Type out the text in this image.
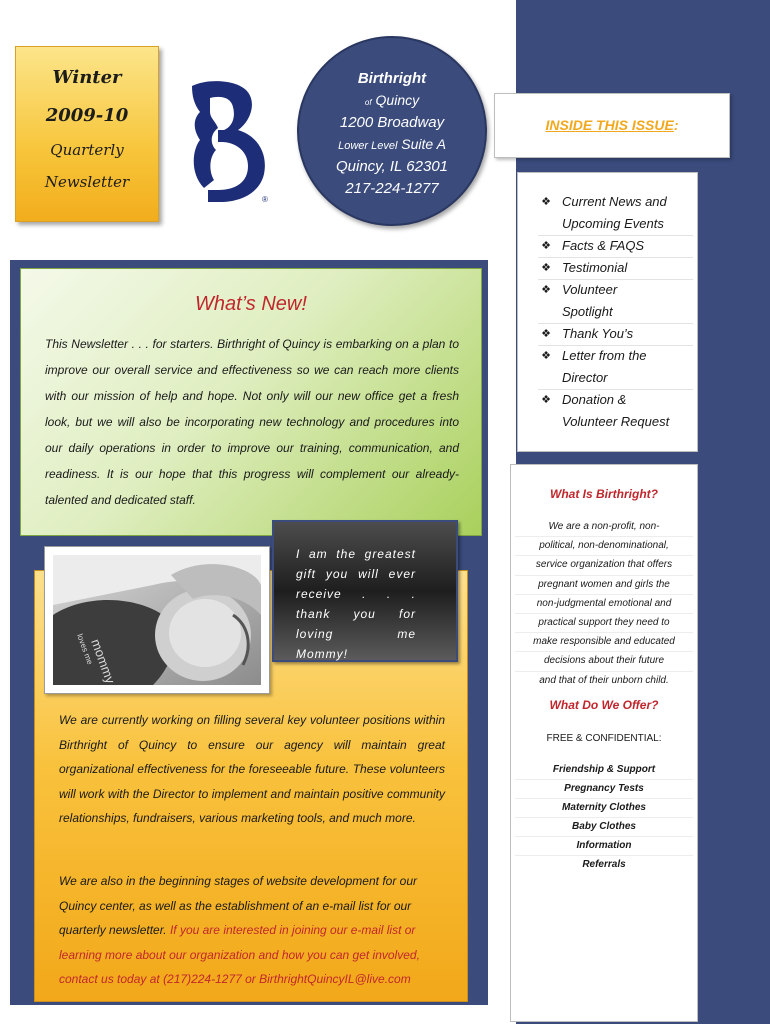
Winter
2009-10
Quarterly
Newsletter
®
Birthright
of Quincy
1200 Broadway
Lower Level Suite A
Quincy, IL 62301
217-224-1277
What’s New!
This Newsletter . . . for starters. Birthright of Quincy is embarking on a plan to improve our overall service and effectiveness so we can reach more clients with our mission of help and hope. Not only will our new office get a fresh look, but we will also be incorporating new technology and procedures into our daily operations in order to improve our training, communication, and readiness. It is our hope that this progress will complement our already-talented and dedicated staff.
We are currently working on filling several key volunteer positions within Birthright of Quincy to ensure our agency will maintain great organizational effectiveness for the foreseeable future. These volunteers will work with the Director to implement and maintain positive community relationships, fundraisers, various marketing tools, and much more.
We are also in the beginning stages of website development for our Quincy center, as well as the establishment of an e-mail list for our quarterly newsletter. If you are interested in joining our e-mail list or learning more about our organization and how you can get involved, contact us today at (217)224-1277 or BirthrightQuincyIL@live.com
mommy
loves me
I am the greatest gift you will ever receive . . . thank you for loving me Mommy!
INSIDE THIS ISSUE:
❖ Current News and
Upcoming Events
❖ Facts & FAQS
❖ Testimonial
❖ Volunteer
Spotlight
❖ Thank You’s
❖ Letter from the
Director
❖ Donation &
Volunteer Request
What Is Birthright?
We are a non-profit, non-
political, non-denominational,
service organization that offers
pregnant women and girls the
non-judgmental emotional and
practical support they need to
make responsible and educated
decisions about their future
and that of their unborn child.
What Do We Offer?
FREE & CONFIDENTIAL:
Friendship & Support
Pregnancy Tests
Maternity Clothes
Baby Clothes
Information
Referrals
